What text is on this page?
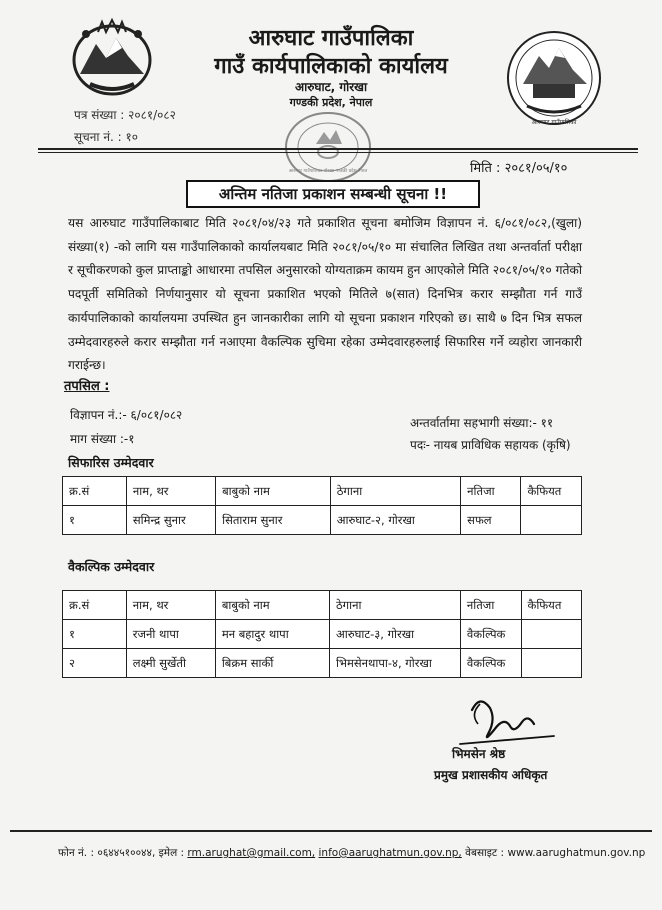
आरुघाट गाउँपालिका
आरुघाट गाउँपालिका गोरखा गण्डकी प्रदेश नेपाल
आरुघाट गाउँपालिका
गाउँ कार्यपालिकाको कार्यालय
आरुघाट, गोरखा
गण्डकी प्रदेश, नेपाल
पत्र संख्या : २०८१/०८२
सूचना नं. : १०
मिति : २०८१/०५/१०
अन्तिम नतिजा प्रकाशन सम्बन्धी सूचना !!
यस आरुघाट गाउँपालिकाबाट मिति २०८१/०४/२३ गते प्रकाशित सूचना बमोजिम विज्ञापन नं. ६/०८१/०८२,(खुला) संख्या(१) -को लागि यस गाउँपालिकाको कार्यालयबाट मिति २०८१/०५/१० मा संचालित लिखित तथा अन्तर्वार्ता परीक्षा र सूचीकरणको कुल प्राप्ताङ्को आधारमा तपसिल अनुसारको योग्यताक्रम कायम हुन आएकोले मिति २०८१/०५/१० गतेको पदपूर्ती समितिको निर्णयानुसार यो सूचना प्रकाशित भएको मितिले ७(सात) दिनभित्र करार सम्झौता गर्न गाउँ कार्यपालिकाको कार्यालयमा उपस्थित हुन जानकारीका लागि यो सूचना प्रकाशन गरिएको छ। साथै ७ दिन भित्र सफल उम्मेदवारहरुले करार सम्झौता गर्न नआएमा वैकल्पिक सुचिमा रहेका उम्मेदवारहरुलाई सिफारिस गर्ने व्यहोरा जानकारी गराईन्छ।
तपसिल :
विज्ञापन नं.:- ६/०८१/०८२
माग संख्या :-१
अन्तर्वार्तामा सहभागी संख्या:- ११
पदः- नायब प्राविधिक सहायक (कृषि)
सिफारिस उम्मेदवार
क्र.सं	नाम, थर	बाबुको नाम	ठेगाना	नतिजा	कैफियत
१	समिन्द्र सुनार	सिताराम सुनार	आरुघाट-२, गोरखा	सफल	
वैकल्पिक उम्मेदवार
क्र.सं	नाम, थर	बाबुको नाम	ठेगाना	नतिजा	कैफियत
१	रजनी थापा	मन बहादुर थापा	आरुघाट-३, गोरखा	वैकल्पिक	
२	लक्ष्मी सुर्खेती	बिक्रम सार्की	भिमसेनथापा-४, गोरखा	वैकल्पिक	
भिमसेन श्रेष्ठ
प्रमुख प्रशासकीय अधिकृत
फोन नं. : ०६४४५१००४४, इमेल : rm.arughat@gmail.com, info@aarughatmun.gov.np, वेबसाइट : www.aarughatmun.gov.np
